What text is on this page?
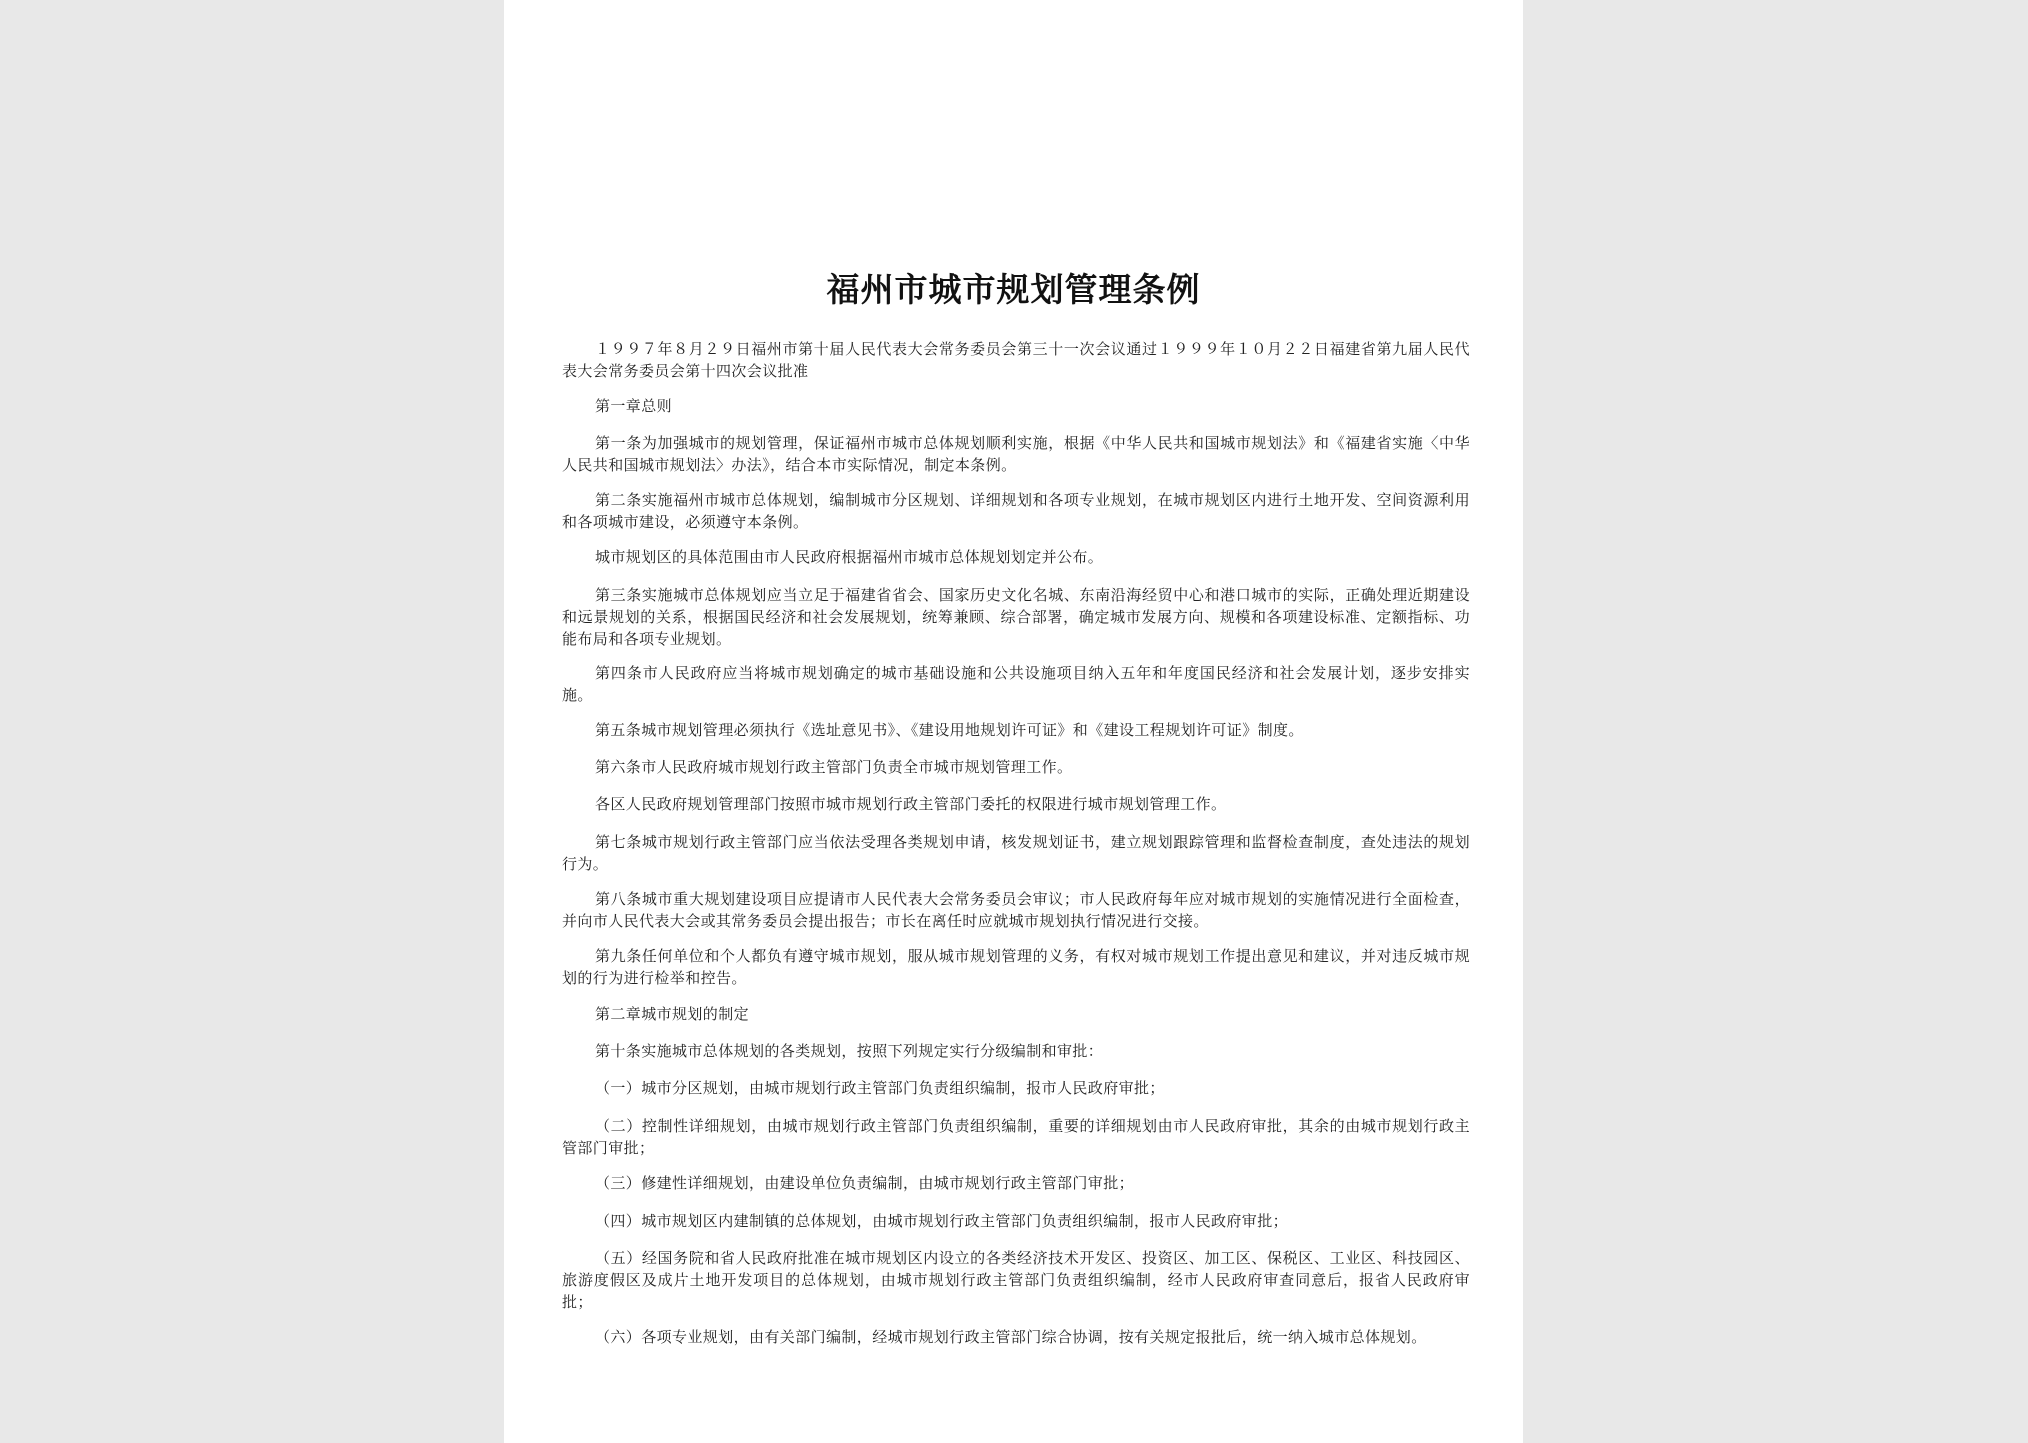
福州市城市规划管理条例
１９９７年８月２９日福州市第十届人民代表大会常务委员会第三十一次会议通过１９９９年１０月２２日福建省第九届人民代表大会常务委员会第十四次会议批准
第一章总则
第一条为加强城市的规划管理，保证福州市城市总体规划顺利实施，根据《中华人民共和国城市规划法》和《福建省实施〈中华人民共和国城市规划法〉办法》，结合本市实际情况，制定本条例。
第二条实施福州市城市总体规划，编制城市分区规划、详细规划和各项专业规划，在城市规划区内进行土地开发、空间资源利用和各项城市建设，必须遵守本条例。
城市规划区的具体范围由市人民政府根据福州市城市总体规划划定并公布。
第三条实施城市总体规划应当立足于福建省省会、国家历史文化名城、东南沿海经贸中心和港口城市的实际，正确处理近期建设和远景规划的关系，根据国民经济和社会发展规划，统筹兼顾、综合部署，确定城市发展方向、规模和各项建设标准、定额指标、功能布局和各项专业规划。
第四条市人民政府应当将城市规划确定的城市基础设施和公共设施项目纳入五年和年度国民经济和社会发展计划，逐步安排实施。
第五条城市规划管理必须执行《选址意见书》、《建设用地规划许可证》和《建设工程规划许可证》制度。
第六条市人民政府城市规划行政主管部门负责全市城市规划管理工作。
各区人民政府规划管理部门按照市城市规划行政主管部门委托的权限进行城市规划管理工作。
第七条城市规划行政主管部门应当依法受理各类规划申请，核发规划证书，建立规划跟踪管理和监督检查制度，查处违法的规划行为。
第八条城市重大规划建设项目应提请市人民代表大会常务委员会审议；市人民政府每年应对城市规划的实施情况进行全面检查，并向市人民代表大会或其常务委员会提出报告；市长在离任时应就城市规划执行情况进行交接。
第九条任何单位和个人都负有遵守城市规划，服从城市规划管理的义务，有权对城市规划工作提出意见和建议，并对违反城市规划的行为进行检举和控告。
第二章城市规划的制定
第十条实施城市总体规划的各类规划，按照下列规定实行分级编制和审批：
（一）城市分区规划，由城市规划行政主管部门负责组织编制，报市人民政府审批；
（二）控制性详细规划，由城市规划行政主管部门负责组织编制，重要的详细规划由市人民政府审批，其余的由城市规划行政主管部门审批；
（三）修建性详细规划，由建设单位负责编制，由城市规划行政主管部门审批；
（四）城市规划区内建制镇的总体规划，由城市规划行政主管部门负责组织编制，报市人民政府审批；
（五）经国务院和省人民政府批准在城市规划区内设立的各类经济技术开发区、投资区、加工区、保税区、工业区、科技园区、旅游度假区及成片土地开发项目的总体规划，由城市规划行政主管部门负责组织编制，经市人民政府审查同意后，报省人民政府审批；
（六）各项专业规划，由有关部门编制，经城市规划行政主管部门综合协调，按有关规定报批后，统一纳入城市总体规划。
